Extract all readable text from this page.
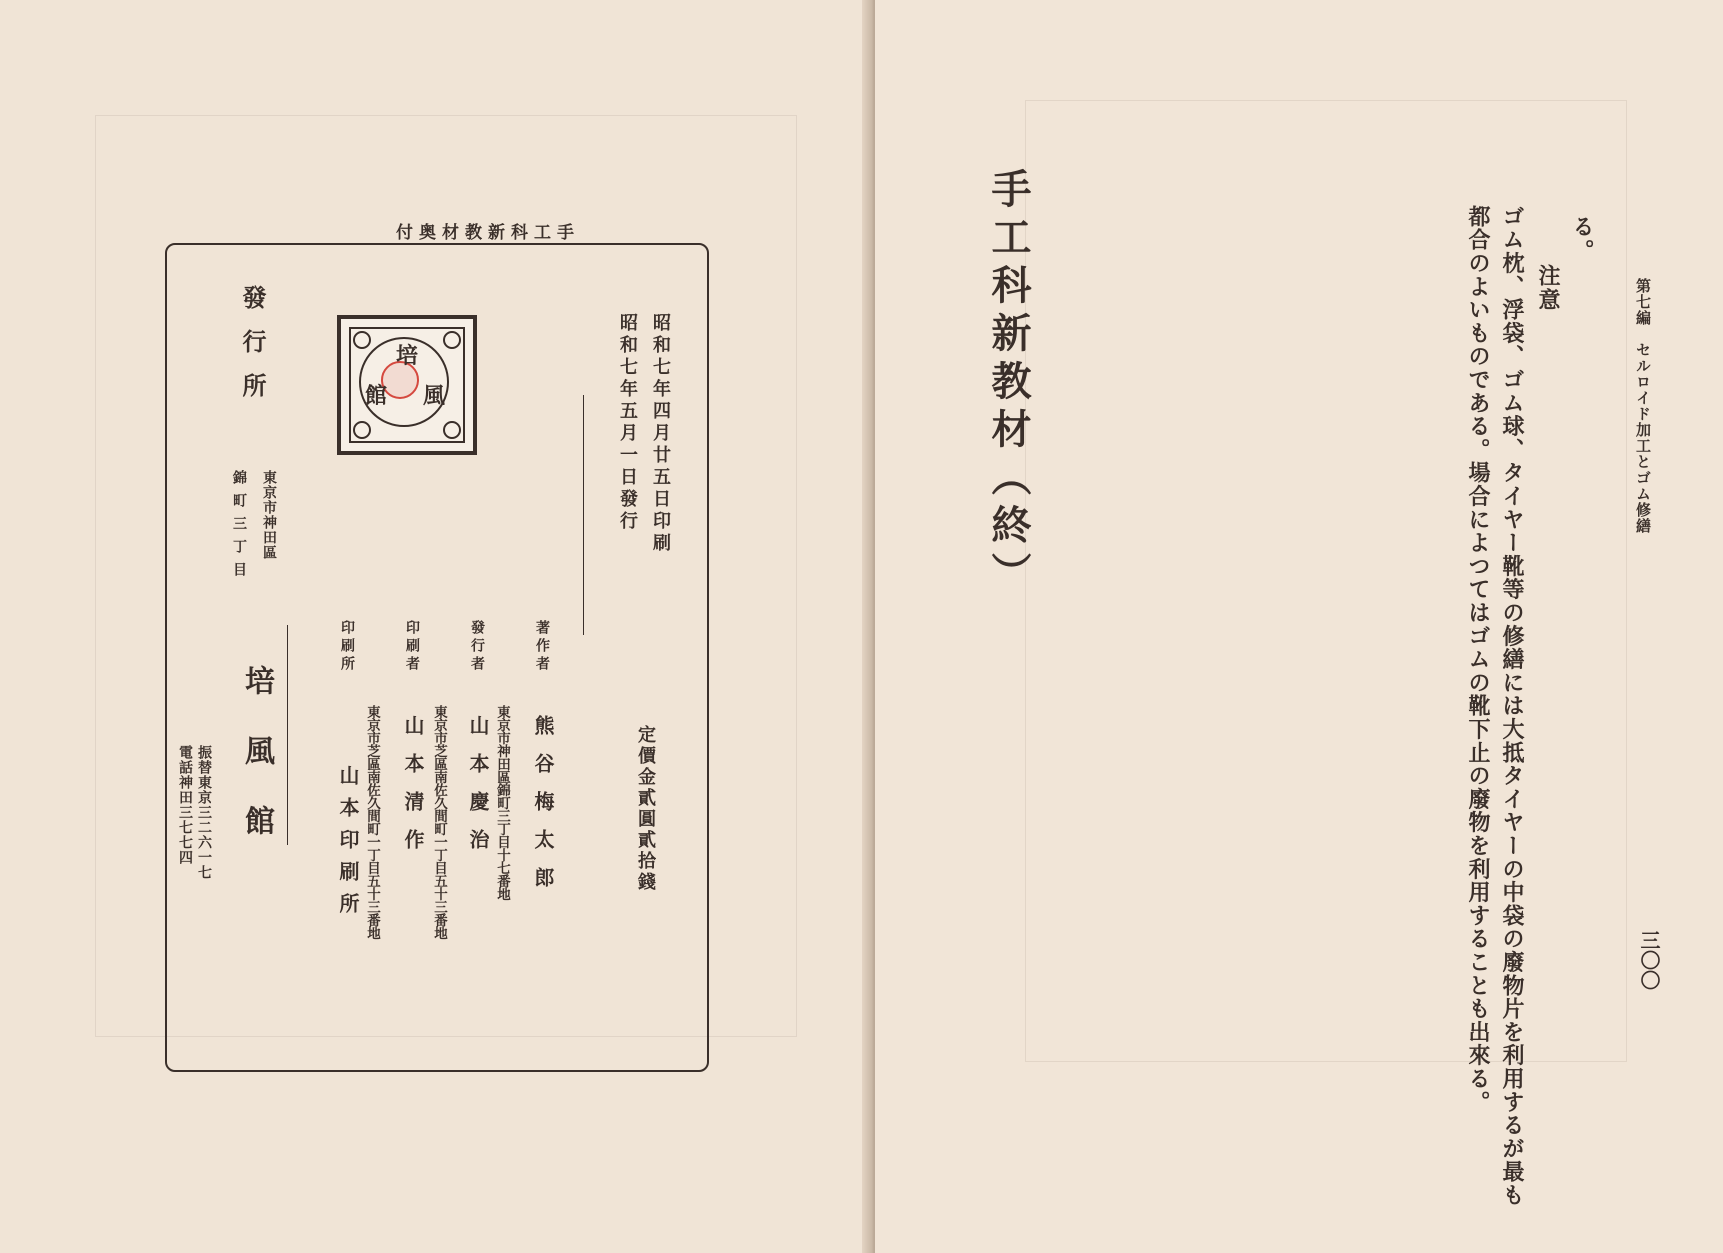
手工科新教材奥付
昭和七年四月廿五日印刷
昭和七年五月一日發行
定價金貳圓貳拾錢
著作者
熊谷梅太郎
發行者
東京市神田區錦町三丁目十七番地
山本慶治
印刷者
東京市芝區南佐久間町一丁目五十三番地
山本清作
印刷所
東京市芝區南佐久間町一丁目五十三番地
山本印刷所
培
風
館
發行所
東京市神田區
錦町三丁目
培風館
振替東京三二六一七
電話神田三七七四
手工科新教材（終）	第七編　セルロイド加工とゴム修繕
る。
　注意
ゴム枕、浮袋、ゴム球、タイヤー靴等の修繕には大抵タイヤーの中袋の廢物片を利用するが最も
都合のよいものである。場合によつてはゴムの靴下止の廢物を利用することも出來る。	三〇〇
